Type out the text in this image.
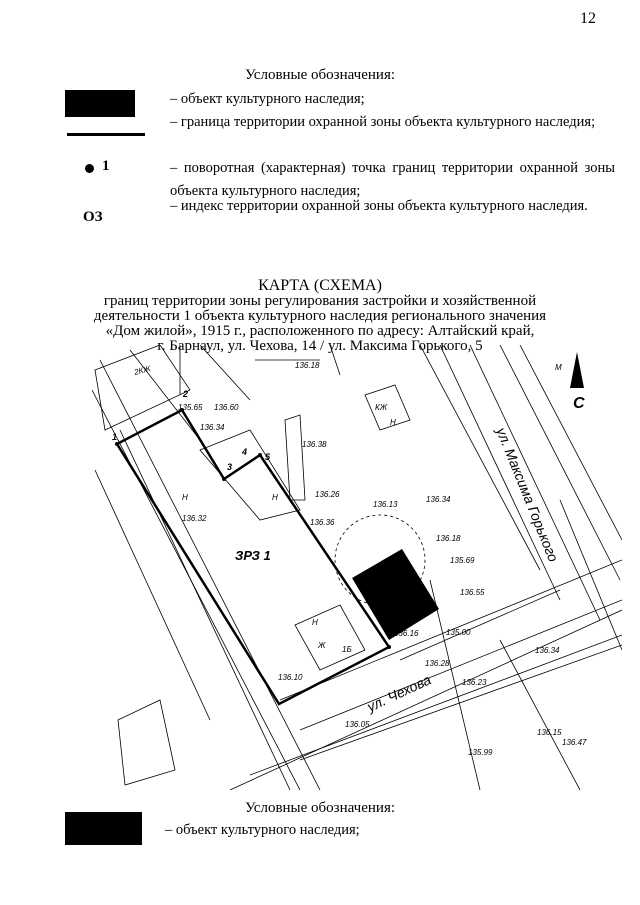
12
Условные обозначения:
– объект культурного наследия;
– граница территории охранной зоны объекта культурного наследия;
1	– поворотная (характерная) точка границ территории охранной зоны объекта культурного наследия;
ОЗ
– индекс территории охранной зоны объекта культурного наследия.
КАРТА (СХЕМА)
границ территории зоны регулирования застройки и хозяйственной
деятельности 1 объекта культурного наследия регионального значения
«Дом жилой», 1915 г., расположенного по адресу: Алтайский край,
г. Барнаул, ул. Чехова, 14 / ул. Максима Горького, 5
1
2
3
4 5
ЗРЗ 1
ул. Чехова
ул. Максима Горького
С
2КЖ
Н	Н
Н
Ж 1Б
КЖ
Н
М
136.18
135.65 136.60
136.34
136.38
136.26
136.32	136.36
136.13
136.34
136.18
135.69
136.16
136.55
135.00
136.10
136.28
136.05
136.23
136.34
136.15
135.99
136.47
Условные обозначения:
– объект культурного наследия;
